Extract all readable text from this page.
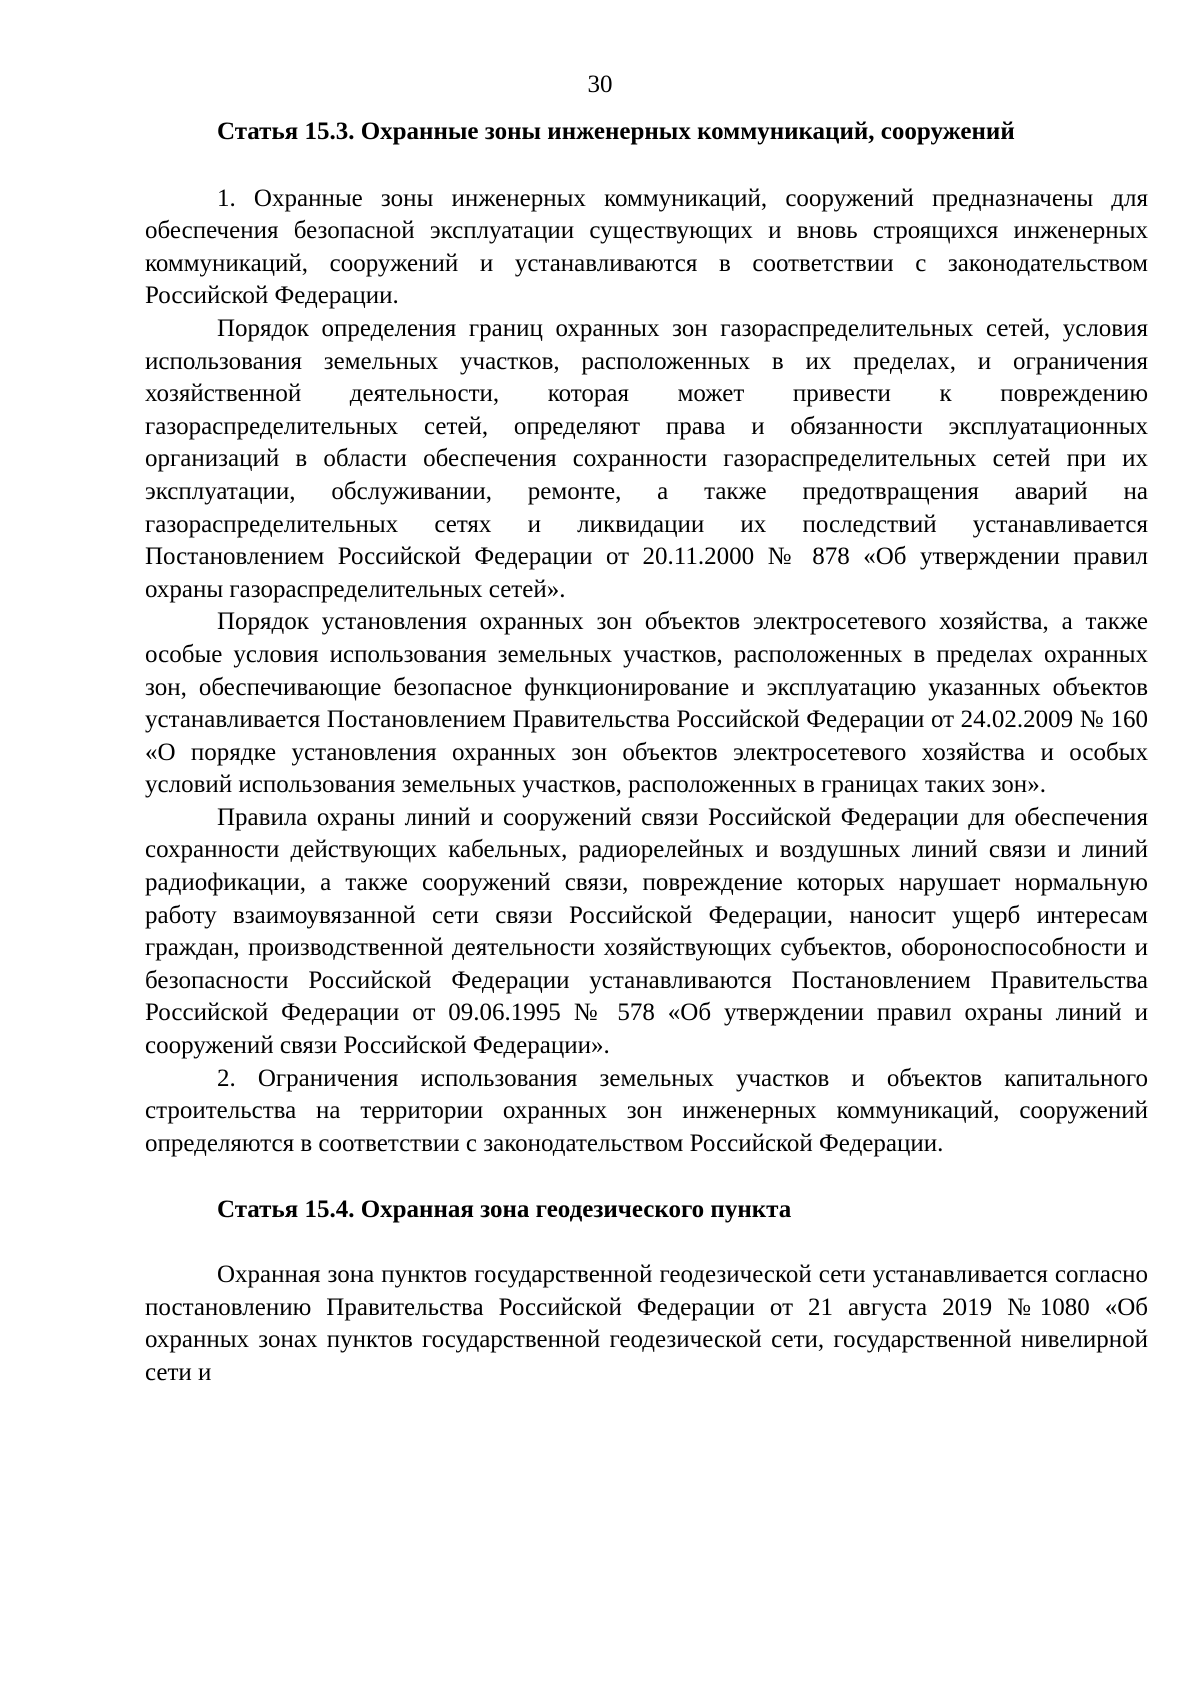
30

Статья 15.3. Охранные зоны инженерных коммуникаций, сооружений

1. Охранные зоны инженерных коммуникаций, сооружений предназначены для обеспечения безопасной эксплуатации существующих и вновь строящихся инженерных коммуникаций, сооружений и устанавливаются в соответствии с законодательством Российской Федерации.

Порядок определения границ охранных зон газораспределительных сетей, условия использования земельных участков, расположенных в их пределах, и ограничения хозяйственной деятельности, которая может привести к повреждению газораспределительных сетей, определяют права и обязанности эксплуатационных организаций в области обеспечения сохранности газораспределительных сетей при их эксплуатации, обслуживании, ремонте, а также предотвращения аварий на газораспределительных сетях и ликвидации их последствий устанавливается Постановлением Российской Федерации от 20.11.2000 № 878 «Об утверждении правил охраны газораспределительных сетей».

Порядок установления охранных зон объектов электросетевого хозяйства, а также особые условия использования земельных участков, расположенных в пределах охранных зон, обеспечивающие безопасное функционирование и эксплуатацию указанных объектов устанавливается Постановлением Правительства Российской Федерации от 24.02.2009 № 160 «О порядке установления охранных зон объектов электросетевого хозяйства и особых условий использования земельных участков, расположенных в границах таких зон».

Правила охраны линий и сооружений связи Российской Федерации для обеспечения сохранности действующих кабельных, радиорелейных и воздушных линий связи и линий радиофикации, а также сооружений связи, повреждение которых нарушает нормальную работу взаимоувязанной сети связи Российской Федерации, наносит ущерб интересам граждан, производственной деятельности хозяйствующих субъектов, обороноспособности и безопасности Российской Федерации устанавливаются Постановлением Правительства Российской Федерации от 09.06.1995 № 578 «Об утверждении правил охраны линий и сооружений связи Российской Федерации».

2. Ограничения использования земельных участков и объектов капитального строительства на территории охранных зон инженерных коммуникаций, сооружений определяются в соответствии с законодательством Российской Федерации.

Статья 15.4. Охранная зона геодезического пункта

Охранная зона пунктов государственной геодезической сети устанавливается согласно постановлению Правительства Российской Федерации от 21 августа 2019 №1080 «Об охранных зонах пунктов государственной геодезической сети, государственной нивелирной сети и
